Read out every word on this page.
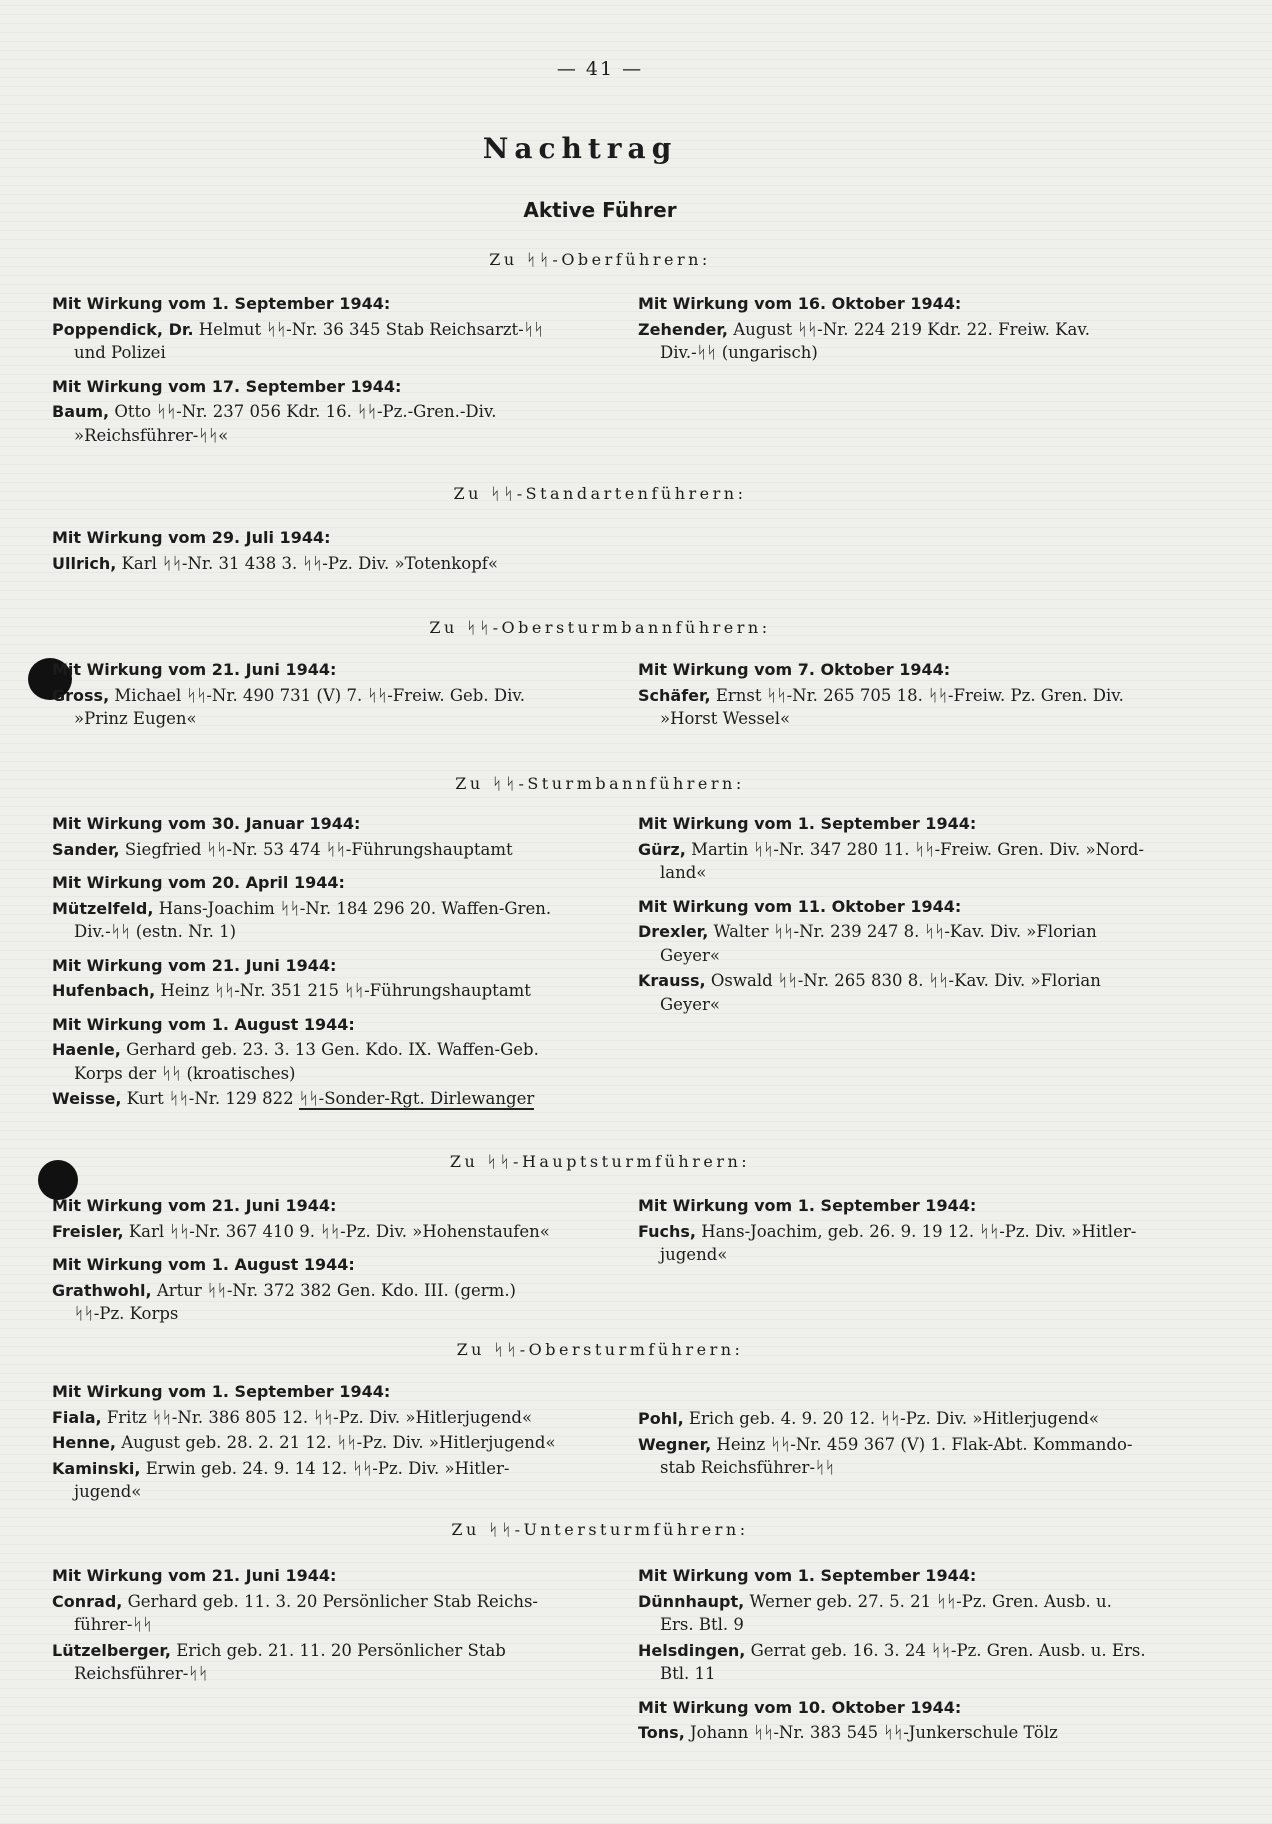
— 41 —
Nachtrag
Aktive Führer
Zu ᛋᛋ-Oberführern:
Mit Wirkung vom 1. September 1944:
Poppendick, Dr. Helmut ᛋᛋ-Nr. 36 345 Stab Reichsarzt-ᛋᛋ
und Polizei
Mit Wirkung vom 17. September 1944:
Baum, Otto ᛋᛋ-Nr. 237 056 Kdr. 16. ᛋᛋ-Pz.-Gren.-Div.
»Reichsführer-ᛋᛋ«
Mit Wirkung vom 16. Oktober 1944:
Zehender, August ᛋᛋ-Nr. 224 219 Kdr. 22. Freiw. Kav.
Div.-ᛋᛋ (ungarisch)
Zu ᛋᛋ-Standartenführern:
Mit Wirkung vom 29. Juli 1944:
Ullrich, Karl ᛋᛋ-Nr. 31 438 3. ᛋᛋ-Pz. Div. »Totenkopf«
Zu ᛋᛋ-Obersturmbannführern:
Mit Wirkung vom 21. Juni 1944:
Gross, Michael ᛋᛋ-Nr. 490 731 (V) 7. ᛋᛋ-Freiw. Geb. Div.
»Prinz Eugen«
Mit Wirkung vom 7. Oktober 1944:
Schäfer, Ernst ᛋᛋ-Nr. 265 705 18. ᛋᛋ-Freiw. Pz. Gren. Div.
»Horst Wessel«
Zu ᛋᛋ-Sturmbannführern:
Mit Wirkung vom 30. Januar 1944:
Sander, Siegfried ᛋᛋ-Nr. 53 474 ᛋᛋ-Führungshauptamt
Mit Wirkung vom 20. April 1944:
Mützelfeld, Hans-Joachim ᛋᛋ-Nr. 184 296 20. Waffen-Gren.
Div.-ᛋᛋ (estn. Nr. 1)
Mit Wirkung vom 21. Juni 1944:
Hufenbach, Heinz ᛋᛋ-Nr. 351 215 ᛋᛋ-Führungshauptamt
Mit Wirkung vom 1. August 1944:
Haenle, Gerhard geb. 23. 3. 13 Gen. Kdo. IX. Waffen-Geb.
Korps der ᛋᛋ (kroatisches)
Weisse, Kurt ᛋᛋ-Nr. 129 822 ᛋᛋ-Sonder-Rgt. Dirlewanger
Mit Wirkung vom 1. September 1944:
Gürz, Martin ᛋᛋ-Nr. 347 280 11. ᛋᛋ-Freiw. Gren. Div. »Nord-
land«
Mit Wirkung vom 11. Oktober 1944:
Drexler, Walter ᛋᛋ-Nr. 239 247 8. ᛋᛋ-Kav. Div. »Florian
Geyer«
Krauss, Oswald ᛋᛋ-Nr. 265 830 8. ᛋᛋ-Kav. Div. »Florian
Geyer«
Zu ᛋᛋ-Hauptsturmführern:
Mit Wirkung vom 21. Juni 1944:
Freisler, Karl ᛋᛋ-Nr. 367 410 9. ᛋᛋ-Pz. Div. »Hohenstaufen«
Mit Wirkung vom 1. August 1944:
Grathwohl, Artur ᛋᛋ-Nr. 372 382 Gen. Kdo. III. (germ.)
ᛋᛋ-Pz. Korps
Mit Wirkung vom 1. September 1944:
Fuchs, Hans-Joachim, geb. 26. 9. 19 12. ᛋᛋ-Pz. Div. »Hitler-
jugend«
Zu ᛋᛋ-Obersturmführern:
Mit Wirkung vom 1. September 1944:
Fiala, Fritz ᛋᛋ-Nr. 386 805 12. ᛋᛋ-Pz. Div. »Hitlerjugend«
Henne, August geb. 28. 2. 21 12. ᛋᛋ-Pz. Div. »Hitlerjugend«
Kaminski, Erwin geb. 24. 9. 14 12. ᛋᛋ-Pz. Div. »Hitler-
jugend«
Pohl, Erich geb. 4. 9. 20 12. ᛋᛋ-Pz. Div. »Hitlerjugend«
Wegner, Heinz ᛋᛋ-Nr. 459 367 (V) 1. Flak-Abt. Kommando-
stab Reichsführer-ᛋᛋ
Zu ᛋᛋ-Untersturmführern:
Mit Wirkung vom 21. Juni 1944:
Conrad, Gerhard geb. 11. 3. 20 Persönlicher Stab Reichs-
führer-ᛋᛋ
Lützelberger, Erich geb. 21. 11. 20 Persönlicher Stab
Reichsführer-ᛋᛋ
Mit Wirkung vom 1. September 1944:
Dünnhaupt, Werner geb. 27. 5. 21 ᛋᛋ-Pz. Gren. Ausb. u.
Ers. Btl. 9
Helsdingen, Gerrat geb. 16. 3. 24 ᛋᛋ-Pz. Gren. Ausb. u. Ers.
Btl. 11
Mit Wirkung vom 10. Oktober 1944:
Tons, Johann ᛋᛋ-Nr. 383 545 ᛋᛋ-Junkerschule Tölz
